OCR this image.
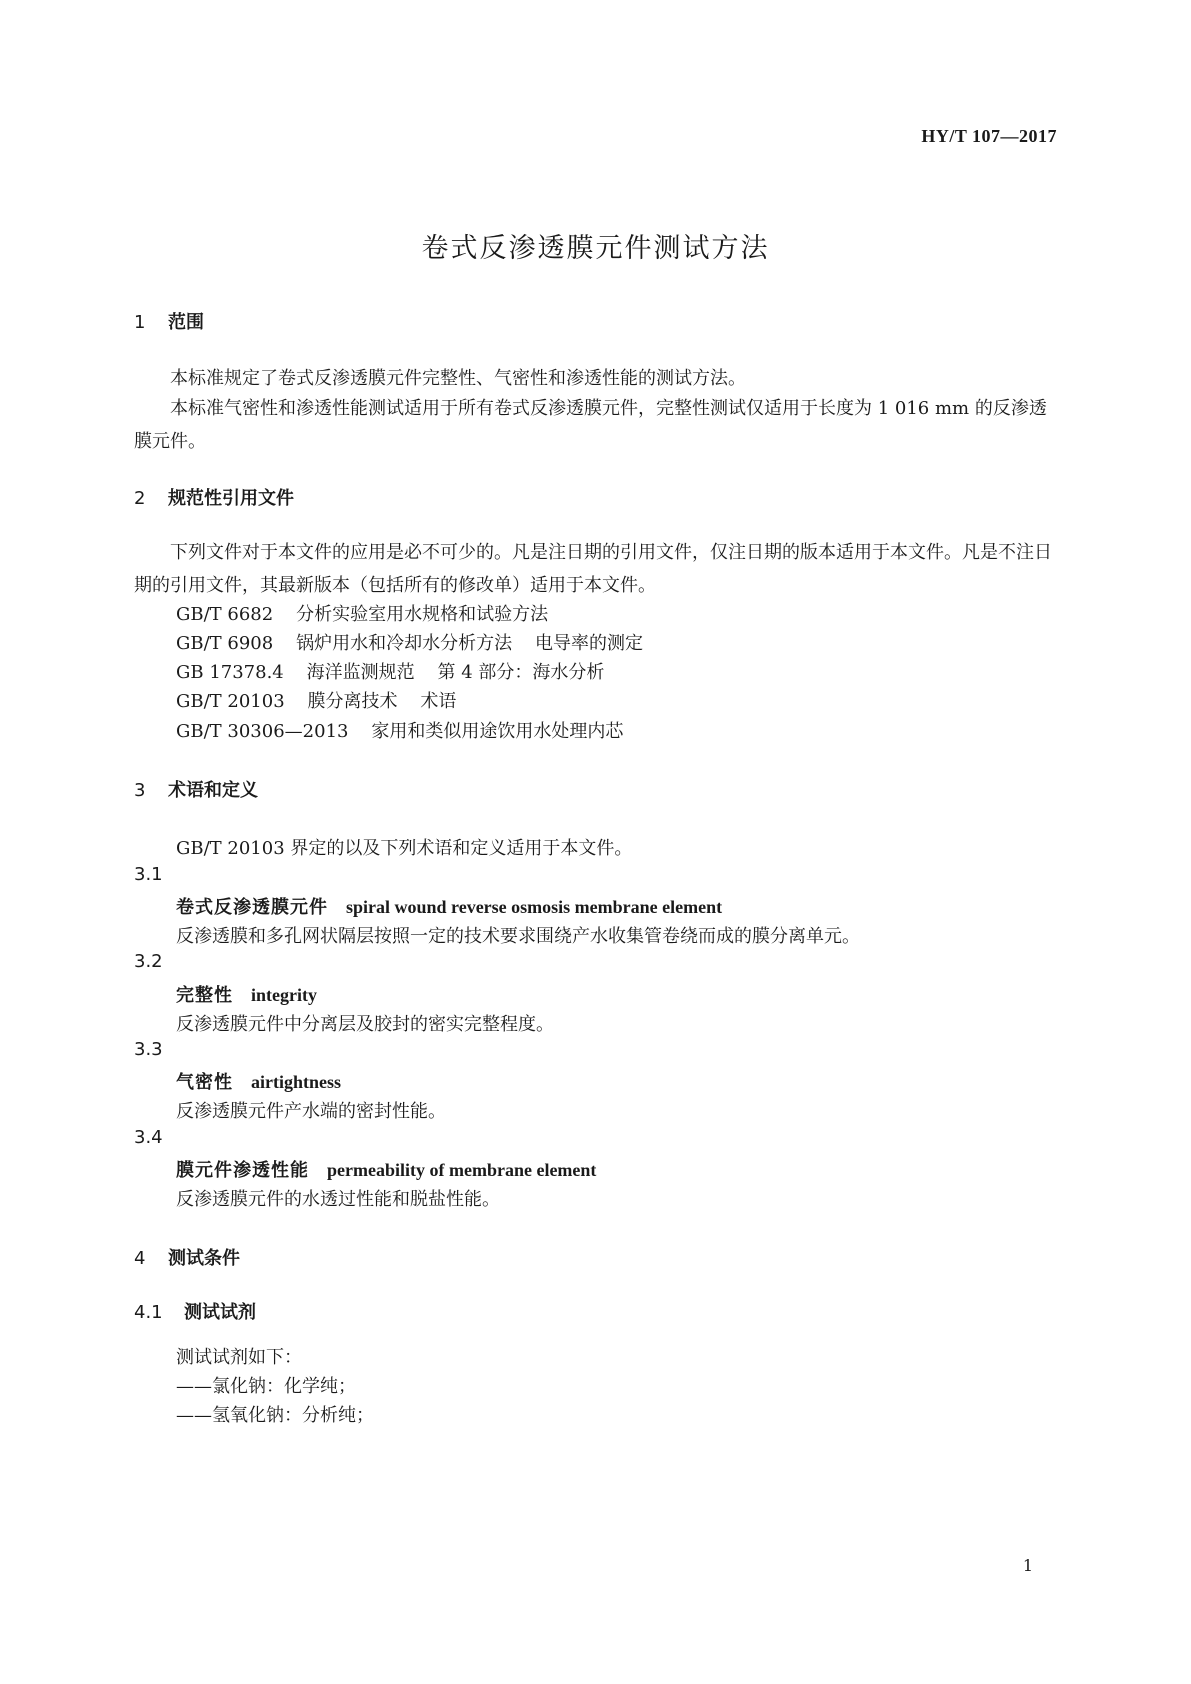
HY/T 107—2017
卷式反渗透膜元件测试方法
1 范围

本标准规定了卷式反渗透膜元件完整性、气密性和渗透性能的测试方法。

本标准气密性和渗透性能测试适用于所有卷式反渗透膜元件，完整性测试仅适用于长度为 1 016 mm 的反渗透膜元件。

2 规范性引用文件

下列文件对于本文件的应用是必不可少的。凡是注日期的引用文件，仅注日期的版本适用于本文件。凡是不注日期的引用文件，其最新版本（包括所有的修改单）适用于本文件。

GB/T 6682    分析实验室用水规格和试验方法
GB/T 6908    锅炉用水和冷却水分析方法    电导率的测定
GB 17378.4    海洋监测规范    第 4 部分：海水分析
GB/T 20103    膜分离技术    术语
GB/T 30306—2013    家用和类似用途饮用水处理内芯
3 术语和定义
GB/T 20103 界定的以及下列术语和定义适用于本文件。
3.1
卷式反渗透膜元件 spiral wound reverse osmosis membrane element
反渗透膜和多孔网状隔层按照一定的技术要求围绕产水收集管卷绕而成的膜分离单元。
3.2
完整性 integrity
反渗透膜元件中分离层及胶封的密实完整程度。
3.3
气密性 airtightness
反渗透膜元件产水端的密封性能。
3.4
膜元件渗透性能 permeability of membrane element
反渗透膜元件的水透过性能和脱盐性能。
4 测试条件
4.1 测试试剂
测试试剂如下：
——氯化钠：化学纯；
——氢氧化钠：分析纯；
1
